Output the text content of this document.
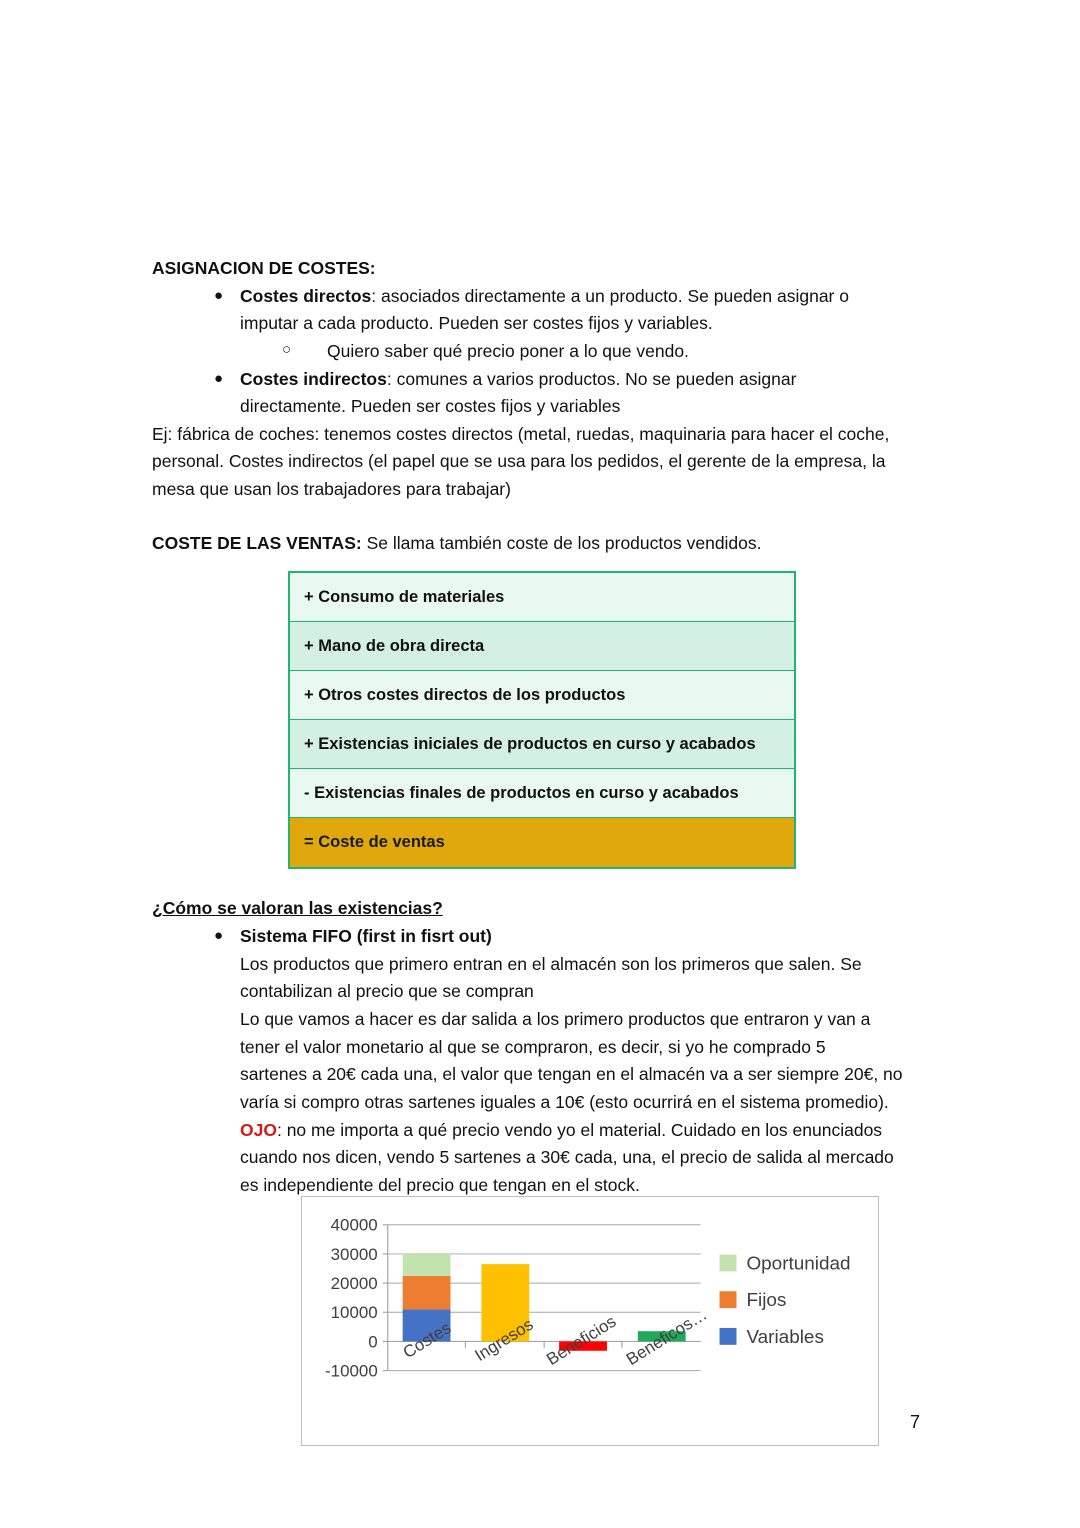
ASIGNACION DE COSTES:

● Costes directos: asociados directamente a un producto. Se pueden asignar o

imputar a cada producto. Pueden ser costes fijos y variables.

○ Quiero saber qué precio poner a lo que vendo.

● Costes indirectos: comunes a varios productos. No se pueden asignar

directamente. Pueden ser costes fijos y variables

Ej: fábrica de coches: tenemos costes directos (metal, ruedas, maquinaria para hacer el coche,

personal. Costes indirectos (el papel que se usa para los pedidos, el gerente de la empresa, la

mesa que usan los trabajadores para trabajar)

COSTE DE LAS VENTAS: Se llama también coste de los productos vendidos.

+ Consumo de materiales
+ Mano de obra directa
+ Otros costes directos de los productos
+ Existencias iniciales de productos en curso y acabados
- Existencias finales de productos en curso y acabados
= Coste de ventas

¿Cómo se valoran las existencias?

● Sistema FIFO (first in fisrt out)

Los productos que primero entran en el almacén son los primeros que salen. Se

contabilizan al precio que se compran

Lo que vamos a hacer es dar salida a los primero productos que entraron y van a

tener el valor monetario al que se compraron, es decir, si yo he comprado 5

sartenes a 20€ cada una, el valor que tengan en el almacén va a ser siempre 20€, no

varía si compro otras sartenes iguales a 10€ (esto ocurrirá en el sistema promedio).

OJO: no me importa a qué precio vendo yo el material. Cuidado en los enunciados

cuando nos dicen, vendo 5 sartenes a 30€ cada, una, el precio de salida al mercado

es independiente del precio que tengan en el stock.

40000
30000
20000
10000
0
-10000
Costes Ingresos Beneficios Beneficos…
Oportunidad
Fijos
Variables
7
